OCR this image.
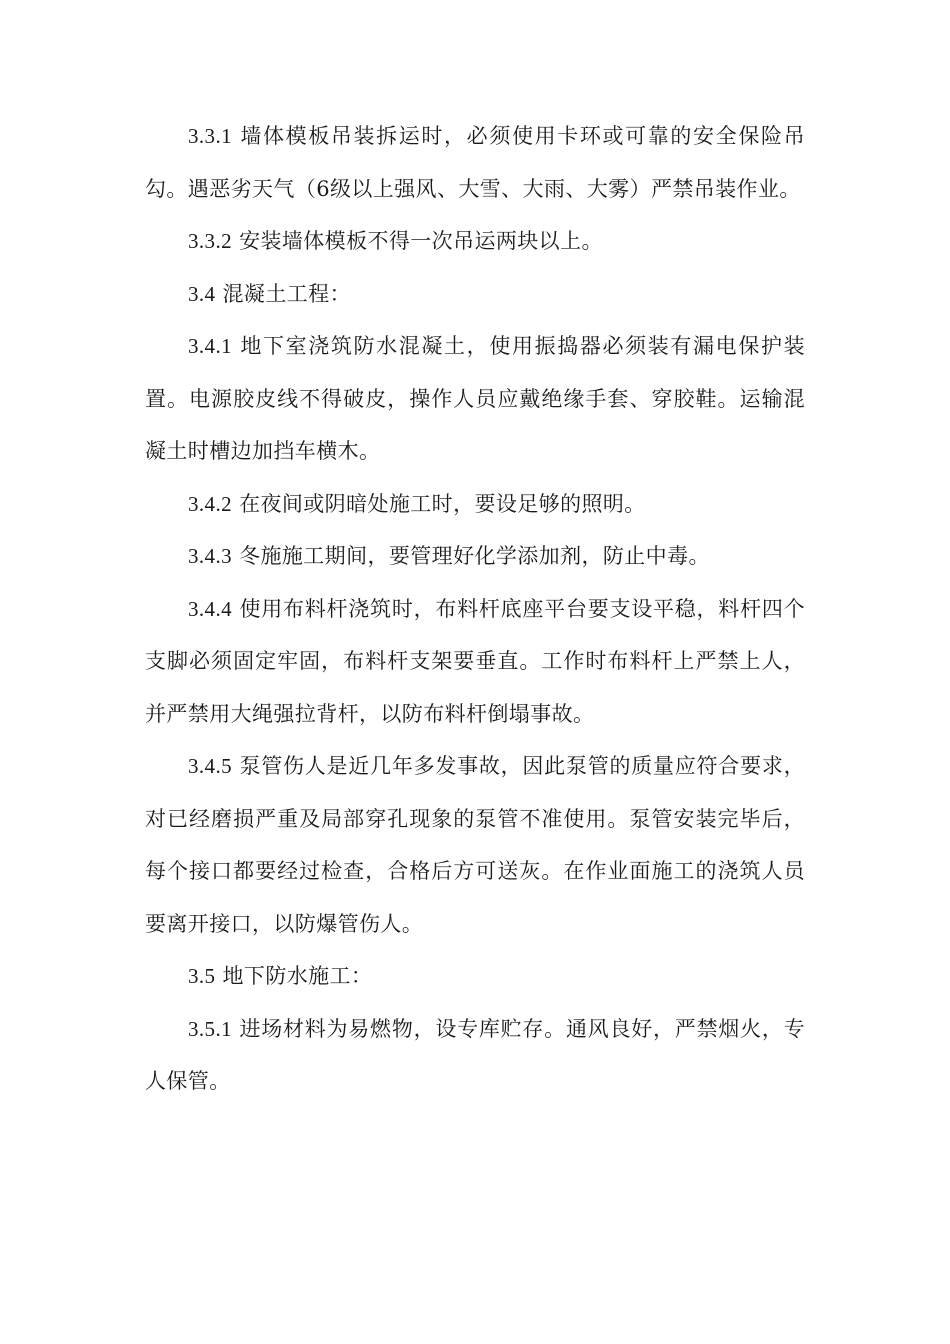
3.3.1 墙体模板吊装拆运时，必须使用卡环或可靠的安全保险吊勾。遇恶劣天气（6级以上强风、大雪、大雨、大雾）严禁吊装作业。

3.3.2 安装墙体模板不得一次吊运两块以上。

3.4 混凝土工程：

3.4.1 地下室浇筑防水混凝土，使用振捣器必须装有漏电保护装置。电源胶皮线不得破皮，操作人员应戴绝缘手套、穿胶鞋。运输混凝土时槽边加挡车横木。

3.4.2 在夜间或阴暗处施工时，要设足够的照明。

3.4.3 冬施施工期间，要管理好化学添加剂，防止中毒。

3.4.4 使用布料杆浇筑时，布料杆底座平台要支设平稳，料杆四个支脚必须固定牢固，布料杆支架要垂直。工作时布料杆上严禁上人，并严禁用大绳强拉背杆，以防布料杆倒塌事故。

3.4.5 泵管伤人是近几年多发事故，因此泵管的质量应符合要求，对已经磨损严重及局部穿孔现象的泵管不准使用。泵管安装完毕后，每个接口都要经过检查，合格后方可送灰。在作业面施工的浇筑人员要离开接口，以防爆管伤人。

3.5 地下防水施工：

3.5.1 进场材料为易燃物，设专库贮存。通风良好，严禁烟火，专人保管。
